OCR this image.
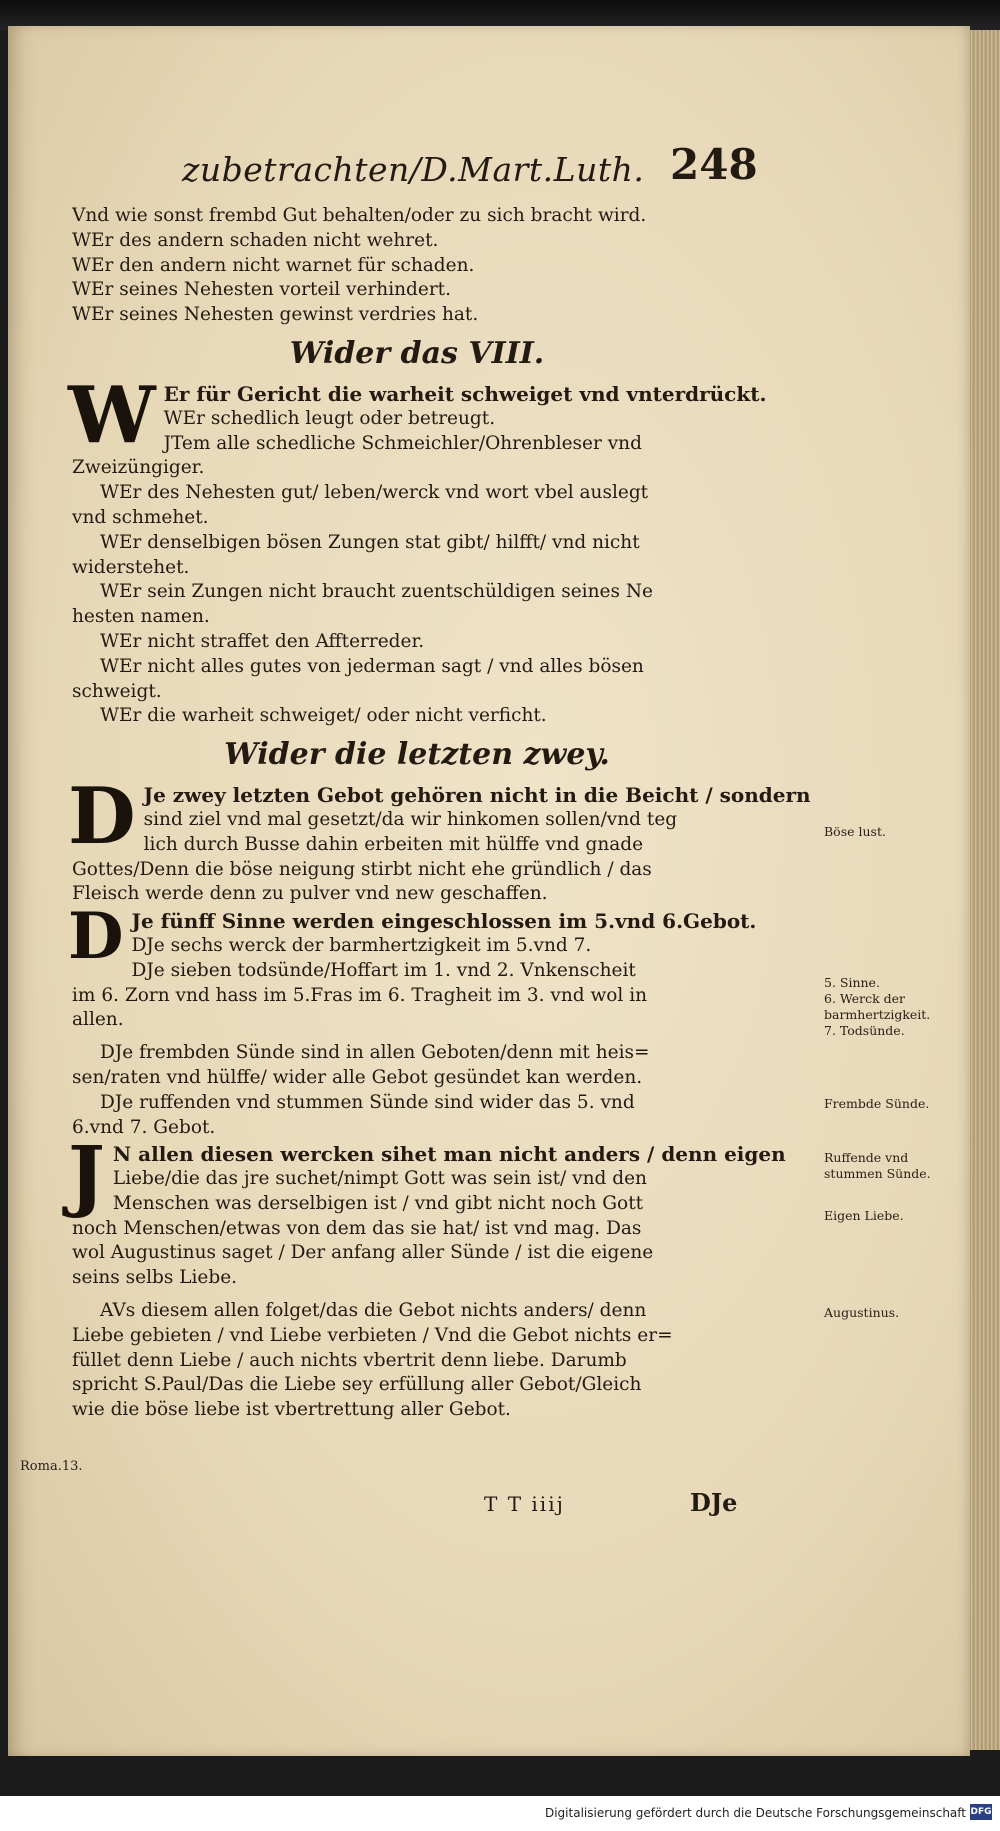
Roma.13.
zubetrachten/D.Mart.Luth. 248
Vnd wie sonst frembd Gut behalten/oder zu sich bracht wird.
WEr des andern schaden nicht wehret.
WEr den andern nicht warnet für schaden.
WEr seines Nehesten vorteil verhindert.
WEr seines Nehesten gewinst verdries hat.
Wider das VIII.
W Er für Gericht die warheit schweiget vnd vnterdrückt.
WEr schedlich leugt oder betreugt.
JTem alle schedliche Schmeichler/Ohrenbleser vnd
Zweizüngiger.
WEr des Nehesten gut/ leben/werck vnd wort vbel auslegt
vnd schmehet.
WEr denselbigen bösen Zungen stat gibt/ hilfft/ vnd nicht
widerstehet.
WEr sein Zungen nicht braucht zuentschüldigen seines Ne
hesten namen.
WEr nicht straffet den Affterreder.
WEr nicht alles gutes von jederman sagt / vnd alles bösen
schweigt.
WEr die warheit schweiget/ oder nicht verficht.
Wider die letzten zwey.
D Je zwey letzten Gebot gehören nicht in die Beicht / sondern
sind ziel vnd mal gesetzt/da wir hinkomen sollen/vnd teg
lich durch Busse dahin erbeiten mit hülffe vnd gnade
Gottes/Denn die böse neigung stirbt nicht ehe gründlich / das
Fleisch werde denn zu pulver vnd new geschaffen.
D Je fünff Sinne werden eingeschlossen im 5.vnd 6.Gebot.
DJe sechs werck der barmhertzigkeit im 5.vnd 7.
DJe sieben todsünde/Hoffart im 1. vnd 2. Vnkenscheit
im 6. Zorn vnd hass im 5.Fras im 6. Tragheit im 3. vnd wol in
allen.
DJe frembden Sünde sind in allen Geboten/denn mit heis=
sen/raten vnd hülffe/ wider alle Gebot gesündet kan werden.
DJe ruffenden vnd stummen Sünde sind wider das 5. vnd
6.vnd 7. Gebot.
J N allen diesen wercken sihet man nicht anders / denn eigen
Liebe/die das jre suchet/nimpt Gott was sein ist/ vnd den
Menschen was derselbigen ist / vnd gibt nicht noch Gott
noch Menschen/etwas von dem das sie hat/ ist vnd mag. Das
wol Augustinus saget / Der anfang aller Sünde / ist die eigene
seins selbs Liebe.
AVs diesem allen folget/das die Gebot nichts anders/ denn
Liebe gebieten / vnd Liebe verbieten / Vnd die Gebot nichts er=
füllet denn Liebe / auch nichts vbertrit denn liebe. Darumb
spricht S.Paul/Das die Liebe sey erfüllung aller Gebot/Gleich
wie die böse liebe ist vbertrettung aller Gebot.
Böse lust.
5. Sinne.
6. Werck der
barmhertzigkeit.
7. Todsünde.
Frembde Sünde.
Ruffende vnd
stummen Sünde.
Eigen Liebe.
Augustinus.
T T iiij	DJe
Digitalisierung gefördert durch die Deutsche Forschungsgemeinschaft DFG
